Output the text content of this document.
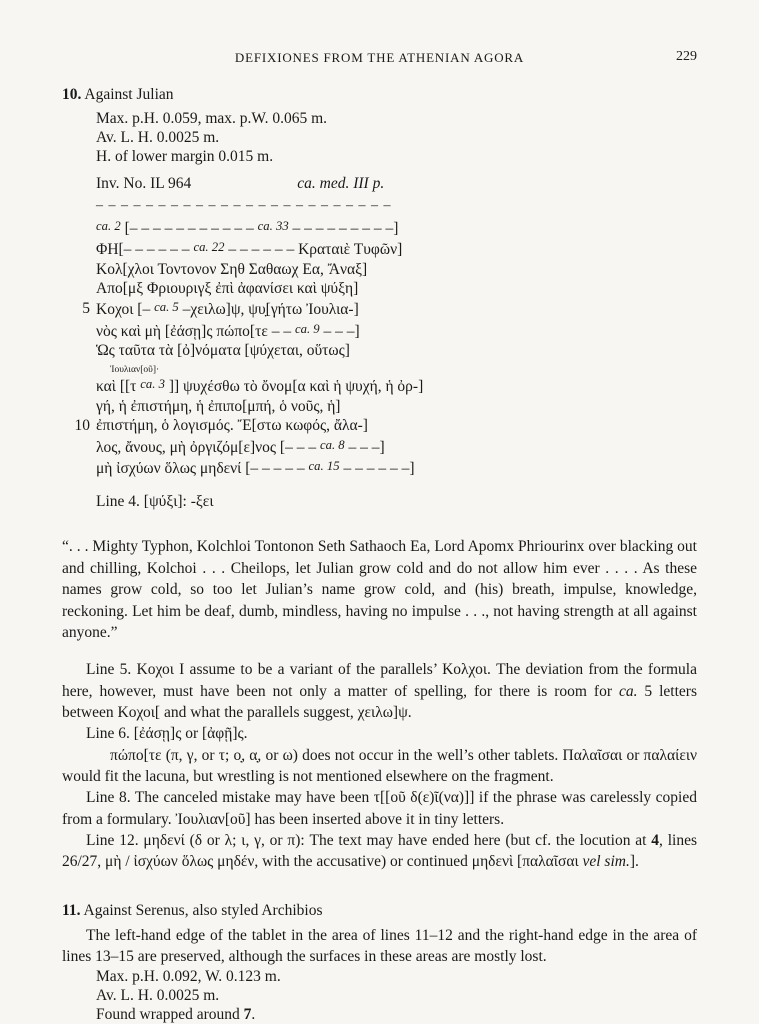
DEFIXIONES FROM THE ATHENIAN AGORA	229

10. Against Julian

Max. p.H. 0.059, max. p.W. 0.065 m.
Av. L. H. 0.0025 m.
H. of lower margin 0.015 m.
Inv. No. IL 964	ca. med. III p.
– – – – – – – – – – – – – – – – – – – – – – – –
ca. 2 [– – – – – – – – – – – ca. 33 – – – – – – – – –]
ΦΗ[– – – – – – ca. 22 – – – – – – Κραταιὲ Τυφῶν]
Κολ[χλοι Τοντονον Σηθ Σαθαωχ Εα, Ἄναξ]
Απο[μξ Φριουριγξ ἐπὶ ἀφανίσει καὶ ψύξη]
5 Κοχοι [– ca. 5 –χειλω]ψ, ψυ̣[γήτω Ἰουλια-]
νὸς καὶ μὴ [ἐάσῃ]ς πώπο[τε – – ca. 9 – – –]
Ὡς ταῦτα τὰ [ὀ]νόματα [ψύχεται, οὕτως]
Ἰουλιαν[οῦ]·
καὶ [[τ ca. 3 ]] ψυχέσθω τὸ ὄνομ[α καὶ ἡ ψυχή, ἡ ὀρ-]
γή, ἡ ἐπιστήμη, ἡ ἐπιπο[μπή, ὁ νοῦς, ἡ]
10 ἐπιστήμη, ὁ λογισμός. Ἔ[στω κωφός, ἄλα-]
λος, ἄνους, μὴ ὀργιζόμ[ε]νος [– – – ca. 8 – – –]
μὴ ἰσχύων ὅλως μηδενί [– – – – – ca. 15 – – – – – –]
Line 4. [ψύξι]: -ξει

“. . . Mighty Typhon, Kolchloi Tontonon Seth Sathaoch Ea, Lord Apomx Phriourinx over blacking out and chilling, Kolchoi . . . Cheilops, let Julian grow cold and do not allow him ever . . . . As these names grow cold, so too let Julian’s name grow cold, and (his) breath, impulse, knowledge, reckoning. Let him be deaf, dumb, mindless, having no impulse . . ., not having strength at all against anyone.”

Line 5. Κοχοι I assume to be a variant of the parallels’ Κολχοι. The deviation from the formula here, however, must have been not only a matter of spelling, for there is room for ca. 5 letters between Κοχοι[ and what the parallels suggest, χειλω]ψ.

Line 6. [ἐάσῃ]ς or [ἀφῇ]ς.

πώπο[τε (π, γ, or τ; ο̣, α̣, or ω) does not occur in the well’s other tablets. Παλαῖσαι or παλαίειν would fit the lacuna, but wrestling is not mentioned elsewhere on the fragment.

Line 8. The canceled mistake may have been τ[[οῦ δ(ε)ῖ(να)]] if the phrase was carelessly copied from a formulary. Ἰουλιαν[οῦ] has been inserted above it in tiny letters.

Line 12. μηδενί (δ or λ; ι, γ, or π): The text may have ended here (but cf. the locution at 4, lines 26/27, μὴ / ἰσχύων ὅλως μηδέν, with the accusative) or continued μηδενὶ [παλαῖσαι vel sim.].

11. Against Serenus, also styled Archibios

The left-hand edge of the tablet in the area of lines 11–12 and the right-hand edge in the area of lines 13–15 are preserved, although the surfaces in these areas are mostly lost.

Max. p.H. 0.092, W. 0.123 m.
Av. L. H. 0.0025 m.
Found wrapped around 7.
